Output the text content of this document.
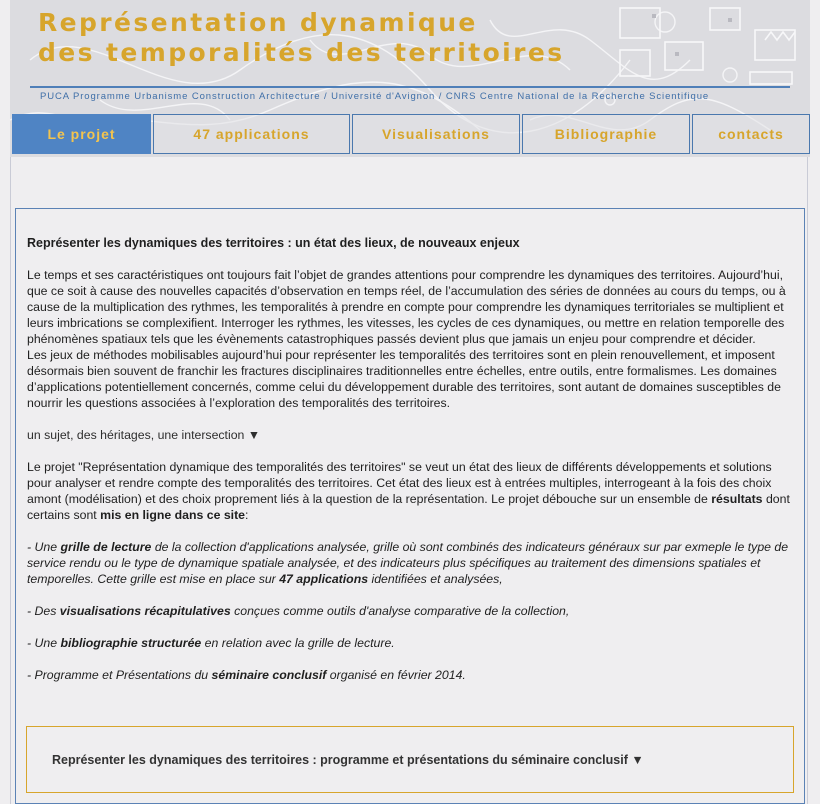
Représentation dynamique
des temporalités des territoires
PUCA Programme Urbanisme Construction Architecture / Université d'Avignon / CNRS Centre National de la Recherche Scientifique
Le projet	47 applications	Visualisations	Bibliographie	contacts
Représenter les dynamiques des territoires : un état des lieux, de nouveaux enjeux

Le temps et ses caractéristiques ont toujours fait l’objet de grandes attentions pour comprendre les dynamiques des territoires. Aujourd’hui, que ce soit à cause des nouvelles capacités d’observation en temps réel, de l’accumulation des séries de données au cours du temps, ou à cause de la multiplication des rythmes, les temporalités à prendre en compte pour comprendre les dynamiques territoriales se multiplient et leurs imbrications se complexifient. Interroger les rythmes, les vitesses, les cycles de ces dynamiques, ou mettre en relation temporelle des phénomènes spatiaux tels que les évènements catastrophiques passés devient plus que jamais un enjeu pour comprendre et décider.

Les jeux de méthodes mobilisables aujourd’hui pour représenter les temporalités des territoires sont en plein renouvellement, et imposent désormais bien souvent de franchir les fractures disciplinaires traditionnelles entre échelles, entre outils, entre formalismes. Les domaines d’applications potentiellement concernés, comme celui du développement durable des territoires, sont autant de domaines susceptibles de nourrir les questions associées à l’exploration des temporalités des territoires.

un sujet, des héritages, une intersection ▼

Le projet "Représentation dynamique des temporalités des territoires" se veut un état des lieux de différents développements et solutions pour analyser et rendre compte des temporalités des territoires. Cet état des lieux est à entrées multiples, interrogeant à la fois des choix amont (modélisation) et des choix proprement liés à la question de la représentation. Le projet débouche sur un ensemble de résultats dont certains sont mis en ligne dans ce site:

- Une grille de lecture de la collection d'applications analysée, grille où sont combinés des indicateurs généraux sur par exmeple le type de service rendu ou le type de dynamique spatiale analysée, et des indicateurs plus spécifiques au traitement des dimensions spatiales et temporelles. Cette grille est mise en place sur 47 applications identifiées et analysées,

- Des visualisations récapitulatives conçues comme outils d'analyse comparative de la collection,

- Une bibliographie structurée en relation avec la grille de lecture.

- Programme et Présentations du séminaire conclusif organisé en février 2014.

Représenter les dynamiques des territoires : programme et présentations du séminaire conclusif ▼
